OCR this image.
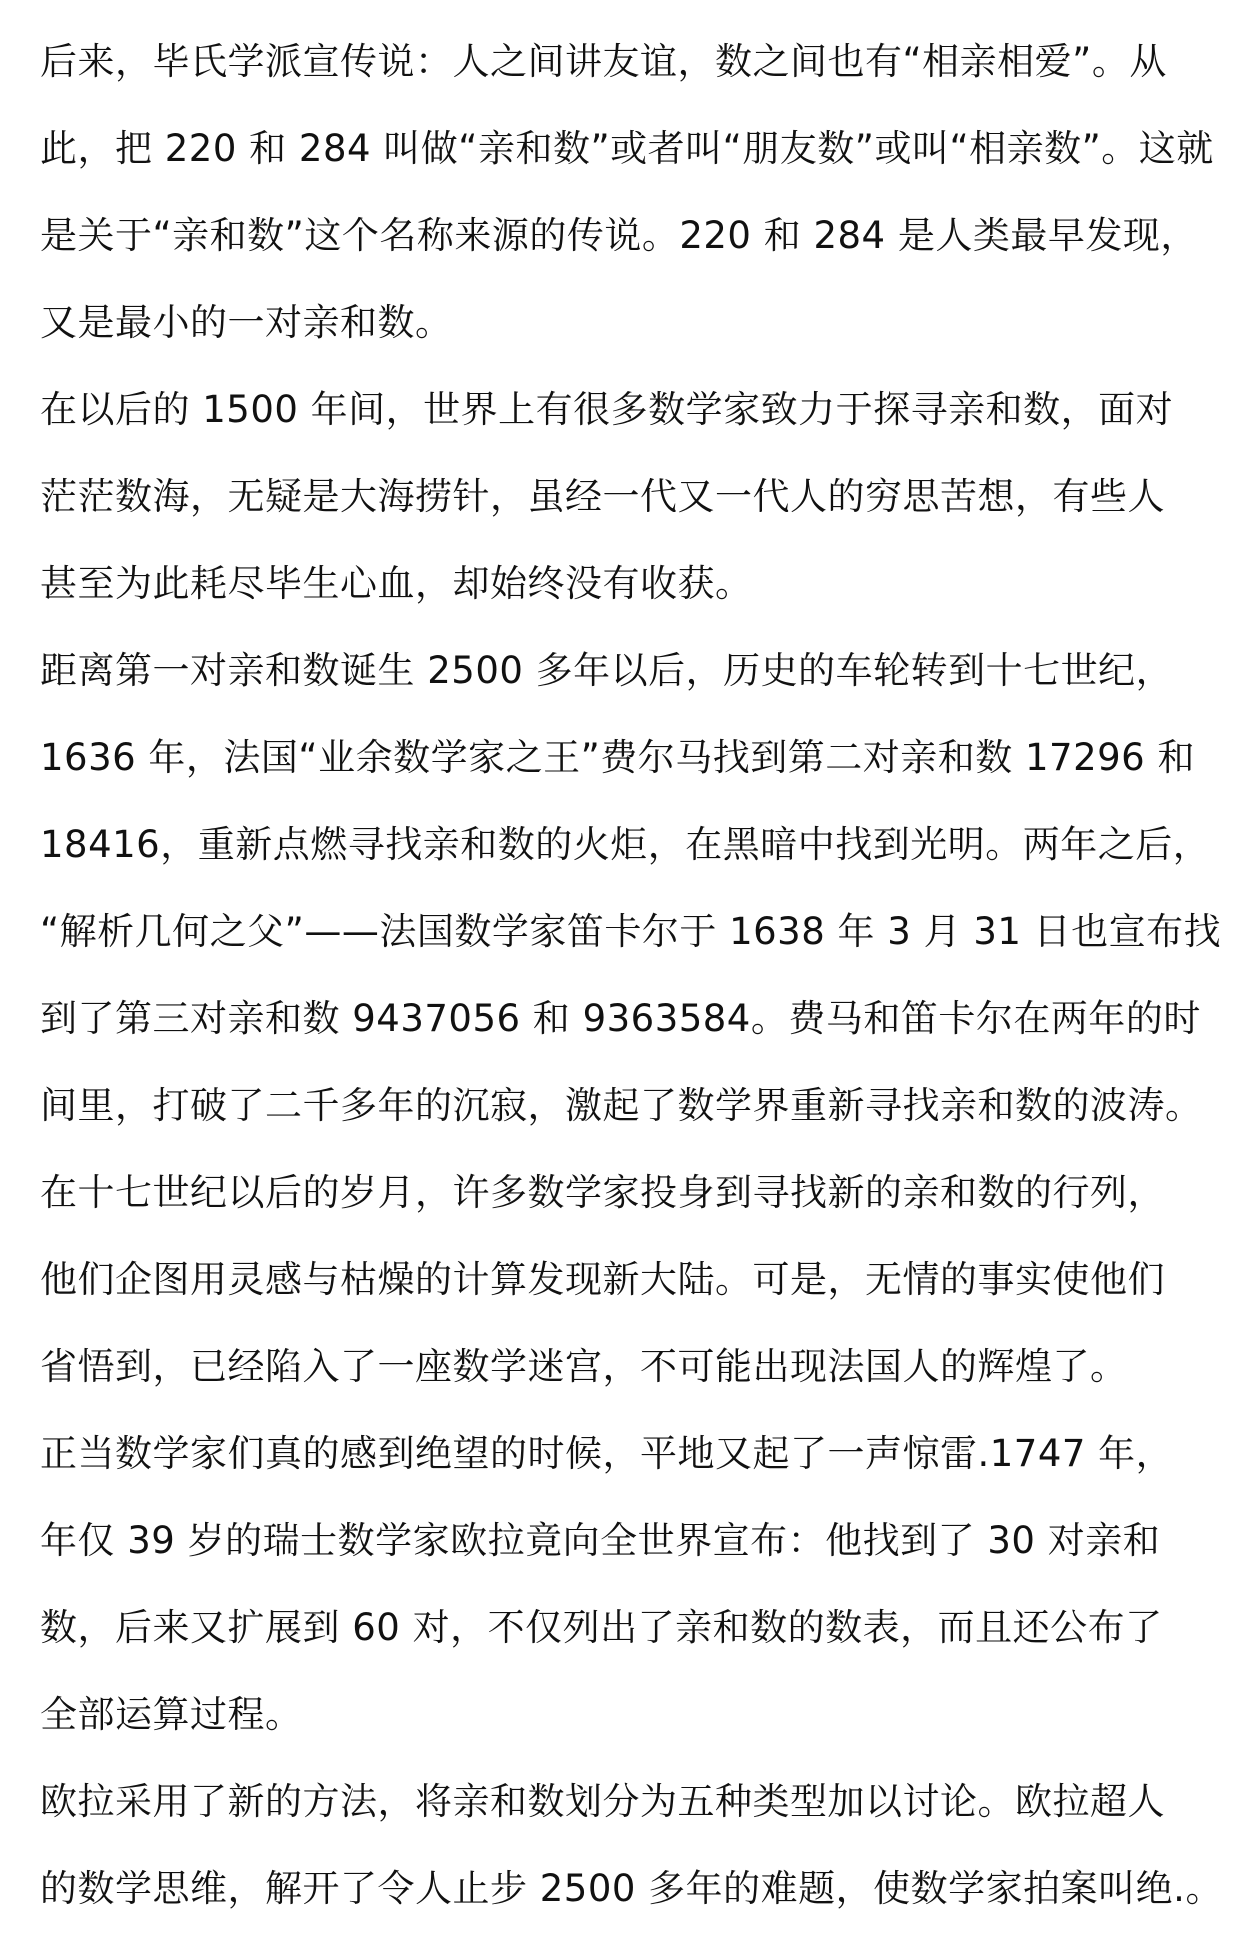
后来，毕氏学派宣传说：人之间讲友谊，数之间也有“相亲相爱”。从
此，把 220 和 284 叫做“亲和数”或者叫“朋友数”或叫“相亲数”。这就
是关于“亲和数”这个名称来源的传说。220 和 284 是人类最早发现，
又是最小的一对亲和数。
在以后的 1500 年间，世界上有很多数学家致力于探寻亲和数，面对
茫茫数海，无疑是大海捞针，虽经一代又一代人的穷思苦想，有些人
甚至为此耗尽毕生心血，却始终没有收获。
距离第一对亲和数诞生 2500 多年以后，历史的车轮转到十七世纪，
1636 年，法国“业余数学家之王”费尔马找到第二对亲和数 17296 和
18416，重新点燃寻找亲和数的火炬，在黑暗中找到光明。两年之后，
“解析几何之父”——法国数学家笛卡尔于 1638 年 3 月 31 日也宣布找
到了第三对亲和数 9437056 和 9363584。费马和笛卡尔在两年的时
间里，打破了二千多年的沉寂，激起了数学界重新寻找亲和数的波涛。
在十七世纪以后的岁月，许多数学家投身到寻找新的亲和数的行列，
他们企图用灵感与枯燥的计算发现新大陆。可是，无情的事实使他们
省悟到，已经陷入了一座数学迷宫，不可能出现法国人的辉煌了。
正当数学家们真的感到绝望的时候，平地又起了一声惊雷.1747 年，
年仅 39 岁的瑞士数学家欧拉竟向全世界宣布：他找到了 30 对亲和
数，后来又扩展到 60 对，不仅列出了亲和数的数表，而且还公布了
全部运算过程。
欧拉采用了新的方法，将亲和数划分为五种类型加以讨论。欧拉超人
的数学思维，解开了令人止步 2500 多年的难题，使数学家拍案叫绝.。
